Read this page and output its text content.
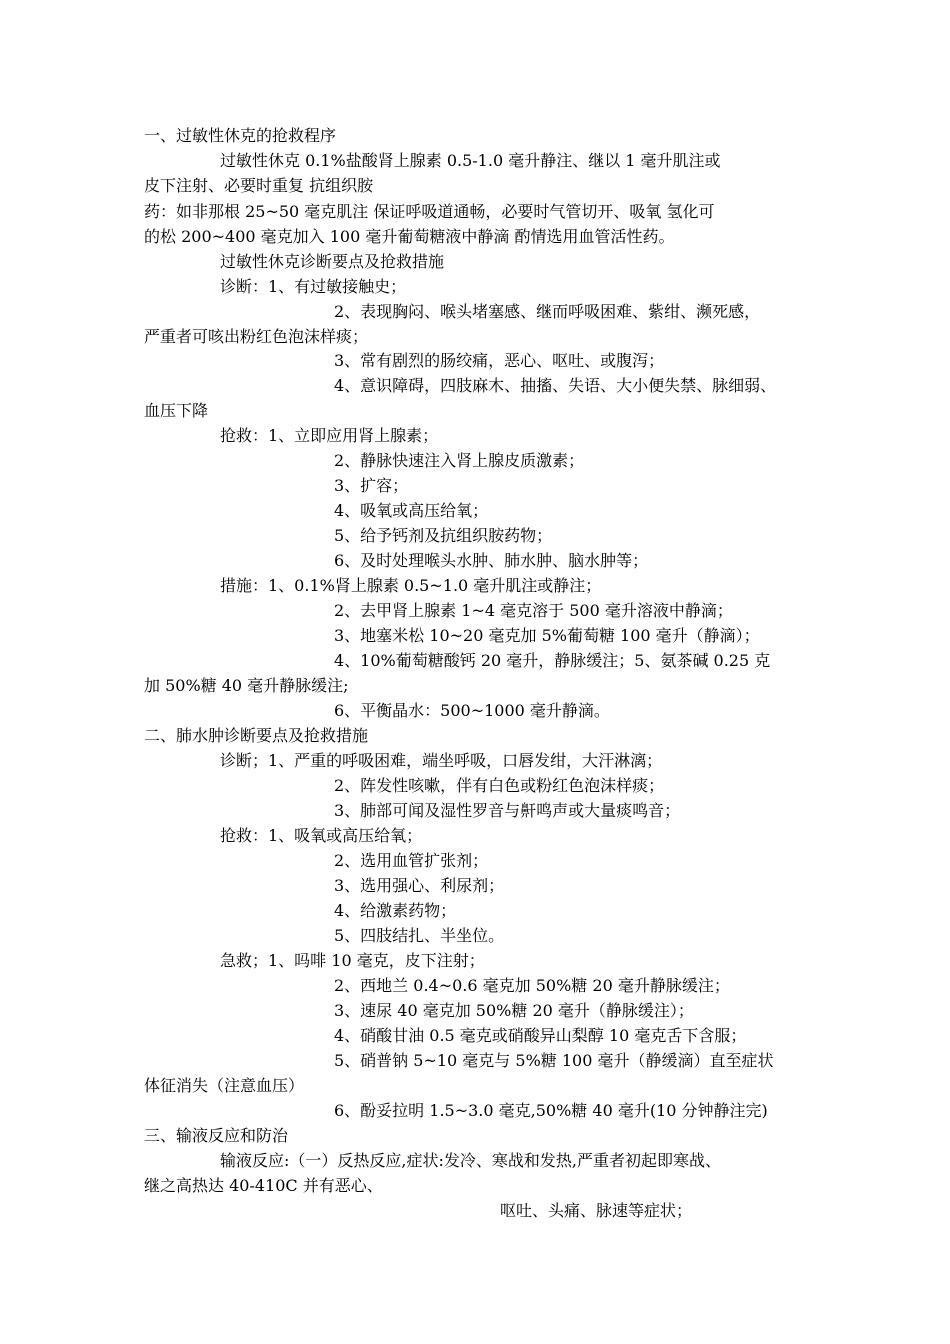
一、过敏性休克的抢救程序
过敏性休克 0.1%盐酸肾上腺素 0.5-1.0 毫升静注、继以 1 毫升肌注或
皮下注射、必要时重复 抗组织胺
药：如非那根 25~50 毫克肌注 保证呼吸道通畅，必要时气管切开、吸氧 氢化可
的松 200~400 毫克加入 100 毫升葡萄糖液中静滴 酌情选用血管活性药。
过敏性休克诊断要点及抢救措施
诊断：1、有过敏接触史；
2、表现胸闷、喉头堵塞感、继而呼吸困难、紫绀、濒死感，
严重者可咳出粉红色泡沫样痰；
3、常有剧烈的肠绞痛，恶心、呕吐、或腹泻；
4、意识障碍，四肢麻木、抽搐、失语、大小便失禁、脉细弱、
血压下降
抢救：1、立即应用肾上腺素；
2、静脉快速注入肾上腺皮质激素；
3、扩容；
4、吸氧或高压给氧；
5、给予钙剂及抗组织胺药物；
6、及时处理喉头水肿、肺水肿、脑水肿等；
措施：1、0.1%肾上腺素 0.5~1.0 毫升肌注或静注；
2、去甲肾上腺素 1~4 毫克溶于 500 毫升溶液中静滴；
3、地塞米松 10~20 毫克加 5%葡萄糖 100 毫升（静滴）；
4、10%葡萄糖酸钙 20 毫升，静脉缓注；5、氨茶碱 0.25 克
加 50%糖 40 毫升静脉缓注;
6、平衡晶水：500~1000 毫升静滴。
二、肺水肿诊断要点及抢救措施
诊断；1、严重的呼吸困难，端坐呼吸，口唇发绀，大汗淋漓；
2、阵发性咳嗽，伴有白色或粉红色泡沫样痰；
3、肺部可闻及湿性罗音与鼾鸣声或大量痰鸣音；
抢救：1、吸氧或高压给氧；
2、选用血管扩张剂；
3、选用强心、利尿剂；
4、给激素药物；
5、四肢结扎、半坐位。
急救；1、吗啡 10 毫克，皮下注射；
2、西地兰 0.4~0.6 毫克加 50%糖 20 毫升静脉缓注；
3、速尿 40 毫克加 50%糖 20 毫升（静脉缓注）；
4、硝酸甘油 0.5 毫克或硝酸异山梨醇 10 毫克舌下含服；
5、硝普钠 5~10 毫克与 5%糖 100 毫升（静缓滴）直至症状
体征消失（注意血压）
6、酚妥拉明 1.5~3.0 毫克,50%糖 40 毫升(10 分钟静注完)
三、输液反应和防治
输液反应:（一）反热反应,症状:发冷、寒战和发热,严重者初起即寒战、
继之高热达 40-410C 并有恶心、
呕吐、头痛、脉速等症状；
